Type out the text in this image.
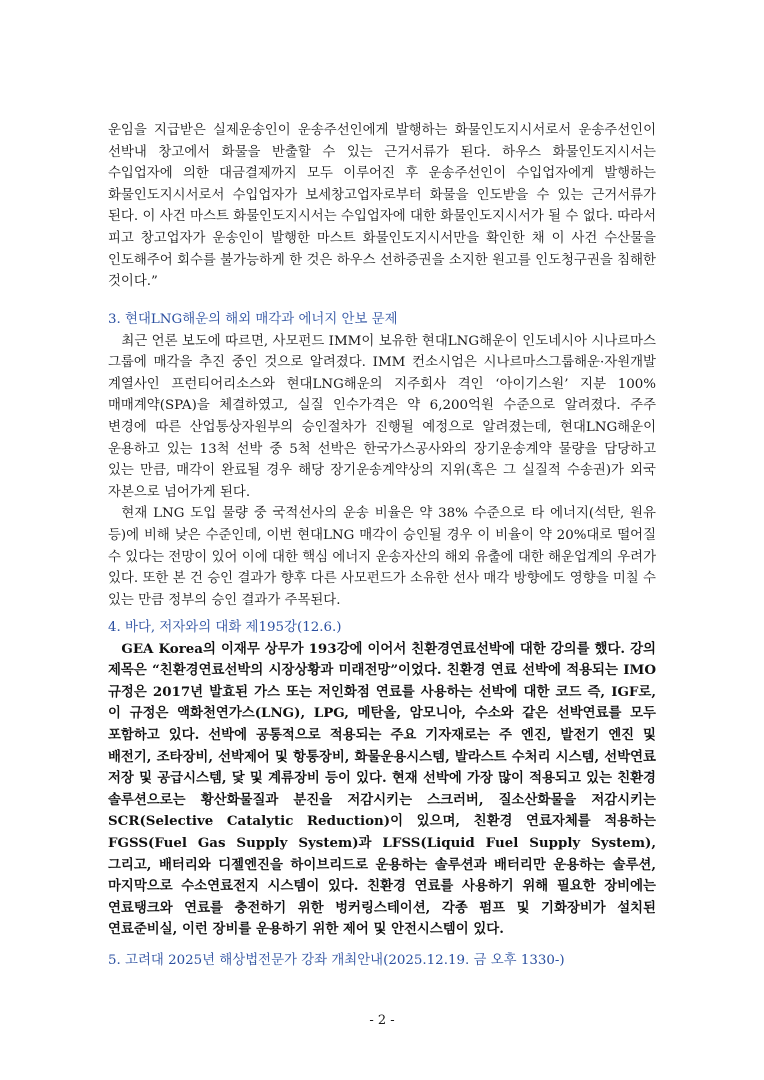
운임을 지급받은 실제운송인이 운송주선인에게 발행하는 화물인도지시서로서 운송주선인이 선박내 창고에서 화물을 반출할 수 있는 근거서류가 된다. 하우스 화물인도지시서는 수입업자에 의한 대금결제까지 모두 이루어진 후 운송주선인이 수입업자에게 발행하는 화물인도지시서로서 수입업자가 보세창고업자로부터 화물을 인도받을 수 있는 근거서류가 된다. 이 사건 마스트 화물인도지시서는 수입업자에 대한 화물인도지시서가 될 수 없다. 따라서 피고 창고업자가 운송인이 발행한 마스트 화물인도지시서만을 확인한 채 이 사건 수산물을 인도해주어 회수를 불가능하게 한 것은 하우스 선하증권을 소지한 원고를 인도청구권을 침해한 것이다.”

3. 현대LNG해운의 해외 매각과 에너지 안보 문제

최근 언론 보도에 따르면, 사모펀드 IMM이 보유한 현대LNG해운이 인도네시아 시나르마스 그룹에 매각을 추진 중인 것으로 알려졌다. IMM 컨소시엄은 시나르마스그룹해운·자원개발 계열사인 프런티어리소스와 현대LNG해운의 지주회사 격인 ‘아이기스원’ 지분 100% 매매계약(SPA)을 체결하였고, 실질 인수가격은 약 6,200억원 수준으로 알려졌다. 주주 변경에 따른 산업통상자원부의 승인절차가 진행될 예정으로 알려졌는데, 현대LNG해운이 운용하고 있는 13척 선박 중 5척 선박은 한국가스공사와의 장기운송계약 물량을 담당하고 있는 만큼, 매각이 완료될 경우 해당 장기운송계약상의 지위(혹은 그 실질적 수송권)가 외국 자본으로 넘어가게 된다.

현재 LNG 도입 물량 중 국적선사의 운송 비율은 약 38% 수준으로 타 에너지(석탄, 원유 등)에 비해 낮은 수준인데, 이번 현대LNG 매각이 승인될 경우 이 비율이 약 20%대로 떨어질 수 있다는 전망이 있어 이에 대한 핵심 에너지 운송자산의 해외 유출에 대한 해운업계의 우려가 있다. 또한 본 건 승인 결과가 향후 다른 사모펀드가 소유한 선사 매각 방향에도 영향을 미칠 수 있는 만큼 정부의 승인 결과가 주목된다.

4. 바다, 저자와의 대화 제195강(12.6.)

GEA Korea의 이재무 상무가 193강에 이어서 친환경연료선박에 대한 강의를 했다. 강의 제목은 “친환경연료선박의 시장상황과 미래전망”이었다. 친환경 연료 선박에 적용되는 IMO 규정은 2017년 발효된 가스 또는 저인화점 연료를 사용하는 선박에 대한 코드 즉, IGF로, 이 규정은 액화천연가스(LNG), LPG, 메탄올, 암모니아, 수소와 같은 선박연료를 모두 포함하고 있다. 선박에 공통적으로 적용되는 주요 기자재로는 주 엔진, 발전기 엔진 및 배전기, 조타장비, 선박제어 및 항통장비, 화물운용시스템, 발라스트 수처리 시스템, 선박연료 저장 및 공급시스템, 닻 및 계류장비 등이 있다. 현재 선박에 가장 많이 적용되고 있는 친환경 솔루션으로는 황산화물질과 분진을 저감시키는 스크러버, 질소산화물을 저감시키는 SCR(Selective Catalytic Reduction)이 있으며, 친환경 연료자체를 적용하는 FGSS(Fuel Gas Supply System)과 LFSS(Liquid Fuel Supply System), 그리고, 배터리와 디젤엔진을 하이브리드로 운용하는 솔루션과 배터리만 운용하는 솔루션, 마지막으로 수소연료전지 시스템이 있다. 친환경 연료를 사용하기 위해 필요한 장비에는 연료탱크와 연료를 충전하기 위한 벙커링스테이션, 각종 펌프 및 기화장비가 설치된 연료준비실, 이런 장비를 운용하기 위한 제어 및 안전시스템이 있다.

5. 고려대 2025년 해상법전문가 강좌 개최안내(2025.12.19. 금 오후 1330-)
- 2 -
